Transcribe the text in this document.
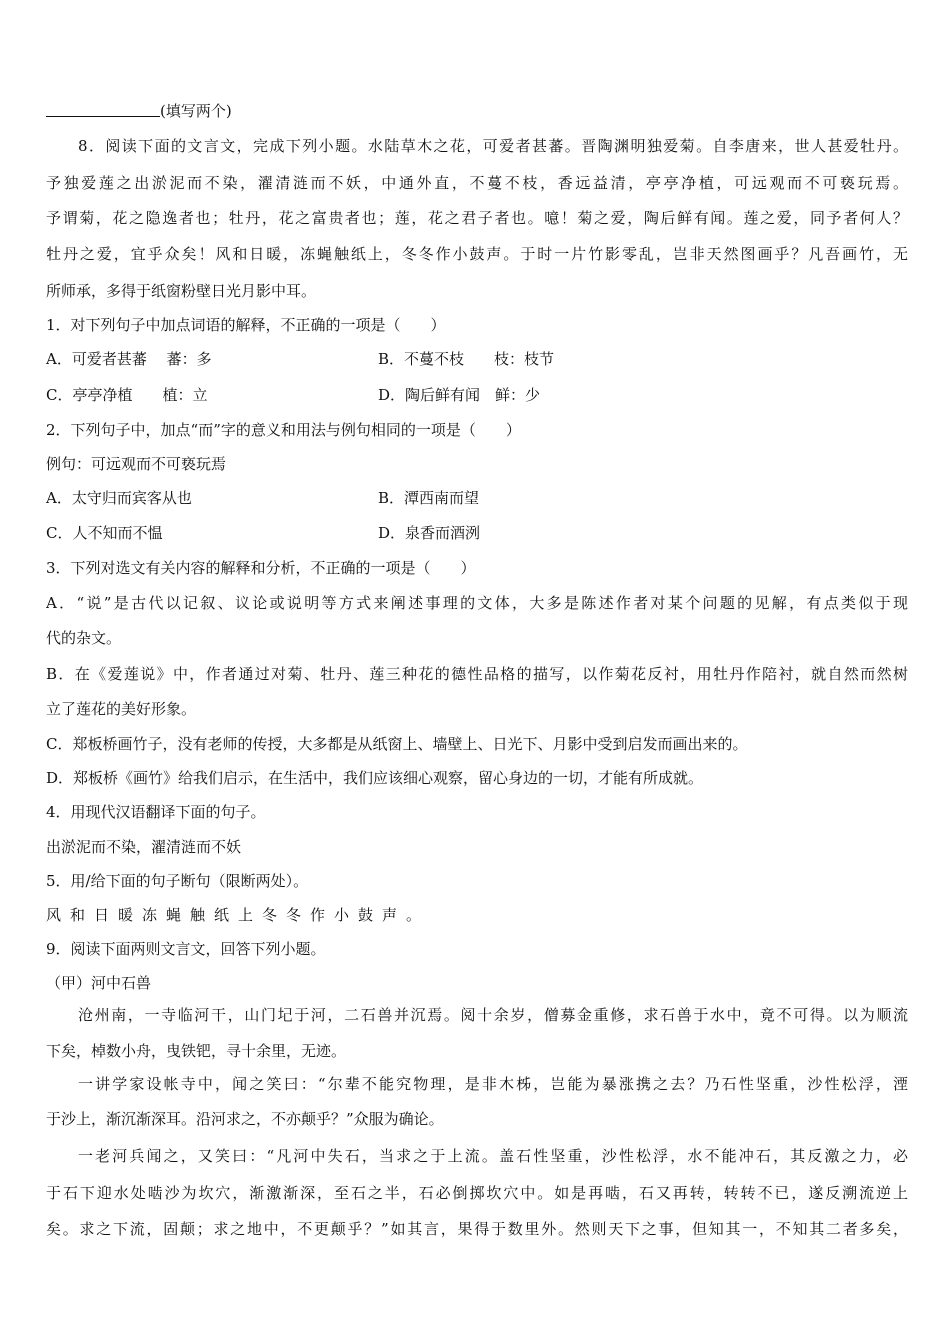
(填写两个)
8．阅读下面的文言文，完成下列小题。水陆草木之花，可爱者甚蕃。晋陶渊明独爱菊。自李唐来，世人甚爱牡丹。
予独爱莲之出淤泥而不染，濯清涟而不妖，中通外直，不蔓不枝，香远益清，亭亭净植，可远观而不可亵玩焉。
予谓菊，花之隐逸者也；牡丹，花之富贵者也；莲，花之君子者也。噫！菊之爱，陶后鲜有闻。莲之爱，同予者何人？
牡丹之爱，宜乎众矣！风和日暖，冻蝇触纸上，冬冬作小鼓声。于时一片竹影零乱，岂非天然图画乎？凡吾画竹，无
所师承，多得于纸窗粉壁日光月影中耳。
1．对下列句子中加点词语的解释，不正确的一项是（　　）
A．可爱者甚蕃　 蕃：多	B．不蔓不枝　　枝：枝节
C．亭亭净植　　植：立	D．陶后鲜有闻　鲜：少
2．下列句子中，加点“而”字的意义和用法与例句相同的一项是（　　）
例句：可远观而不可亵玩焉
A．太守归而宾客从也	B．潭西南而望
C．人不知而不愠	D．泉香而酒洌
3．下列对选文有关内容的解释和分析，不正确的一项是（　　）
A．“说”是古代以记叙、议论或说明等方式来阐述事理的文体，大多是陈述作者对某个问题的见解，有点类似于现
代的杂文。
B．在《爱莲说》中，作者通过对菊、牡丹、莲三种花的德性品格的描写，以作菊花反衬，用牡丹作陪衬，就自然而然树
立了莲花的美好形象。
C．郑板桥画竹子，没有老师的传授，大多都是从纸窗上、墙壁上、日光下、月影中受到启发而画出来的。
D．郑板桥《画竹》给我们启示，在生活中，我们应该细心观察，留心身边的一切，才能有所成就。
4．用现代汉语翻译下面的句子。
出淤泥而不染，濯清涟而不妖
5．用/给下面的句子断句（限断两处）。
风和日暖冻蝇触纸上冬冬作小鼓声。
9．阅读下面两则文言文，回答下列小题。
（甲）河中石兽
沧州南，一寺临河干，山门圮于河，二石兽并沉焉。阅十余岁，僧募金重修，求石兽于水中，竟不可得。以为顺流
下矣，棹数小舟，曳铁钯，寻十余里，无迹。
一讲学家设帐寺中，闻之笑曰：“尔辈不能究物理，是非木柹，岂能为暴涨携之去？乃石性坚重，沙性松浮，湮
于沙上，渐沉渐深耳。沿河求之，不亦颠乎？”众服为确论。
一老河兵闻之，又笑曰：“凡河中失石，当求之于上流。盖石性坚重，沙性松浮，水不能冲石，其反激之力，必
于石下迎水处啮沙为坎穴，渐激渐深，至石之半，石必倒掷坎穴中。如是再啮，石又再转，转转不已，遂反溯流逆上
矣。求之下流，固颠；求之地中，不更颠乎？”如其言，果得于数里外。然则天下之事，但知其一，不知其二者多矣，
